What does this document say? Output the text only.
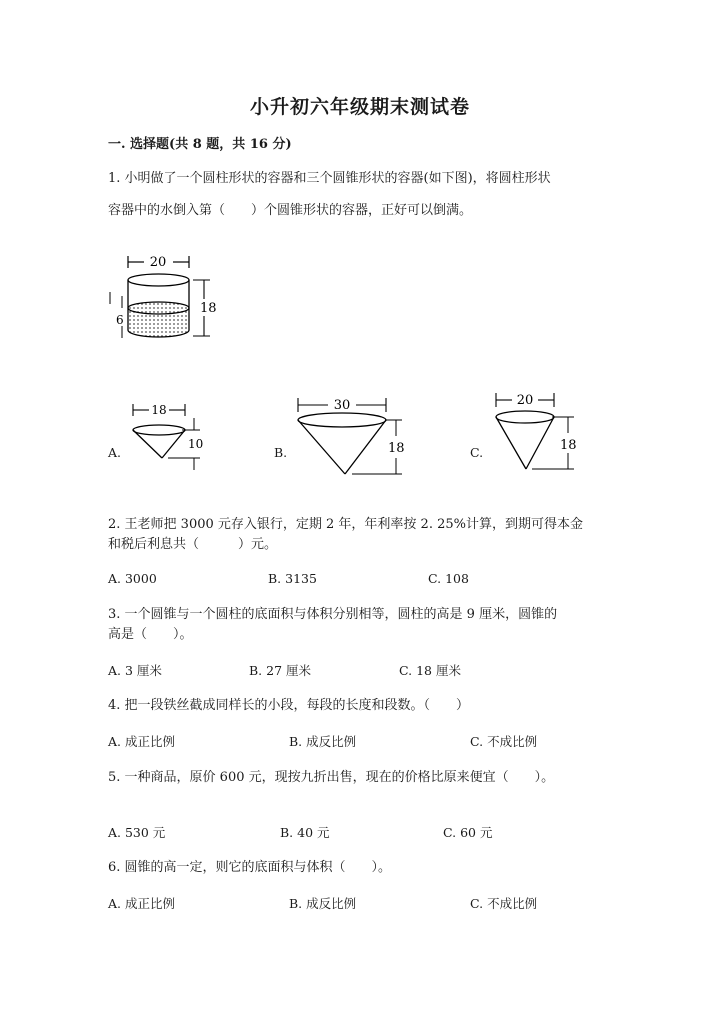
小升初六年级期末测试卷
一. 选择题(共 8 题，共 16 分)
1. 小明做了一个圆柱形状的容器和三个圆锥形状的容器(如下图)，将圆柱形状
容器中的水倒入第（　　）个圆锥形状的容器，正好可以倒满。
20
18
6
A.
18
10
B.
30
18	C.
20
18
2. 王老师把 3000 元存入银行，定期 2 年，年利率按 2. 25%计算，到期可得本金
和税后利息共（　　　）元。
A. 3000	B. 3135	C. 108
3. 一个圆锥与一个圆柱的底面积与体积分别相等，圆柱的高是 9 厘米，圆锥的
高是（　　）。
A. 3 厘米	B. 27 厘米	C. 18 厘米
4. 把一段铁丝截成同样长的小段，每段的长度和段数。（　　）
A. 成正比例	B. 成反比例	C. 不成比例
5. 一种商品，原价 600 元，现按九折出售，现在的价格比原来便宜（　　）。
A. 530 元	B. 40 元	C. 60 元
6. 圆锥的高一定，则它的底面积与体积（　　）。
A. 成正比例	B. 成反比例	C. 不成比例
